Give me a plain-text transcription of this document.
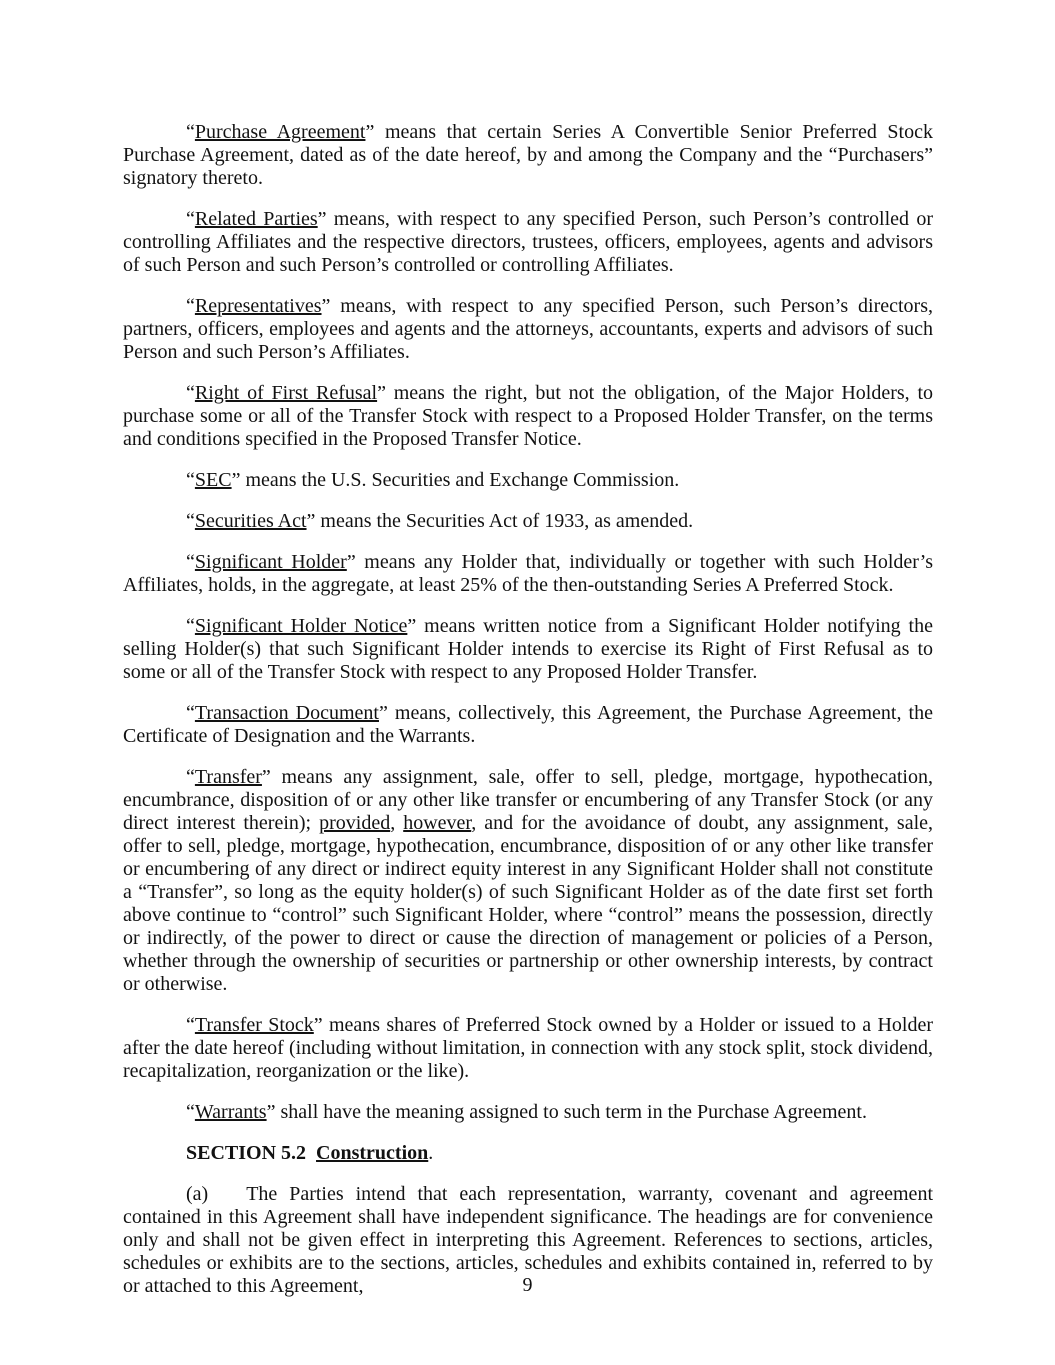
“Purchase Agreement” means that certain Series A Convertible Senior Preferred Stock Purchase Agreement, dated as of the date hereof, by and among the Company and the “Purchasers” signatory thereto.

“Related Parties” means, with respect to any specified Person, such Person’s controlled or controlling Affiliates and the respective directors, trustees, officers, employees, agents and advisors of such Person and such Person’s controlled or controlling Affiliates.

“Representatives” means, with respect to any specified Person, such Person’s directors, partners, officers, employees and agents and the attorneys, accountants, experts and advisors of such Person and such Person’s Affiliates.

“Right of First Refusal” means the right, but not the obligation, of the Major Holders, to purchase some or all of the Transfer Stock with respect to a Proposed Holder Transfer, on the terms and conditions specified in the Proposed Transfer Notice.

“SEC” means the U.S. Securities and Exchange Commission.

“Securities Act” means the Securities Act of 1933, as amended.

“Significant Holder” means any Holder that, individually or together with such Holder’s Affiliates, holds, in the aggregate, at least 25% of the then-outstanding Series A Preferred Stock.

“Significant Holder Notice” means written notice from a Significant Holder notifying the selling Holder(s) that such Significant Holder intends to exercise its Right of First Refusal as to some or all of the Transfer Stock with respect to any Proposed Holder Transfer.

“Transaction Document” means, collectively, this Agreement, the Purchase Agreement, the Certificate of Designation and the Warrants.

“Transfer” means any assignment, sale, offer to sell, pledge, mortgage, hypothecation, encumbrance, disposition of or any other like transfer or encumbering of any Transfer Stock (or any direct interest therein); provided, however, and for the avoidance of doubt, any assignment, sale, offer to sell, pledge, mortgage, hypothecation, encumbrance, disposition of or any other like transfer or encumbering of any direct or indirect equity interest in any Significant Holder shall not constitute a “Transfer”, so long as the equity holder(s) of such Significant Holder as of the date first set forth above continue to “control” such Significant Holder, where “control” means the possession, directly or indirectly, of the power to direct or cause the direction of management or policies of a Person, whether through the ownership of securities or partnership or other ownership interests, by contract or otherwise.

“Transfer Stock” means shares of Preferred Stock owned by a Holder or issued to a Holder after the date hereof (including without limitation, in connection with any stock split, stock dividend, recapitalization, reorganization or the like).

“Warrants” shall have the meaning assigned to such term in the Purchase Agreement.

SECTION 5.2 Construction.

(a) The Parties intend that each representation, warranty, covenant and agreement contained in this Agreement shall have independent significance. The headings are for convenience only and shall not be given effect in interpreting this Agreement. References to sections, articles, schedules or exhibits are to the sections, articles, schedules and exhibits contained in, referred to by or attached to this Agreement,	9
